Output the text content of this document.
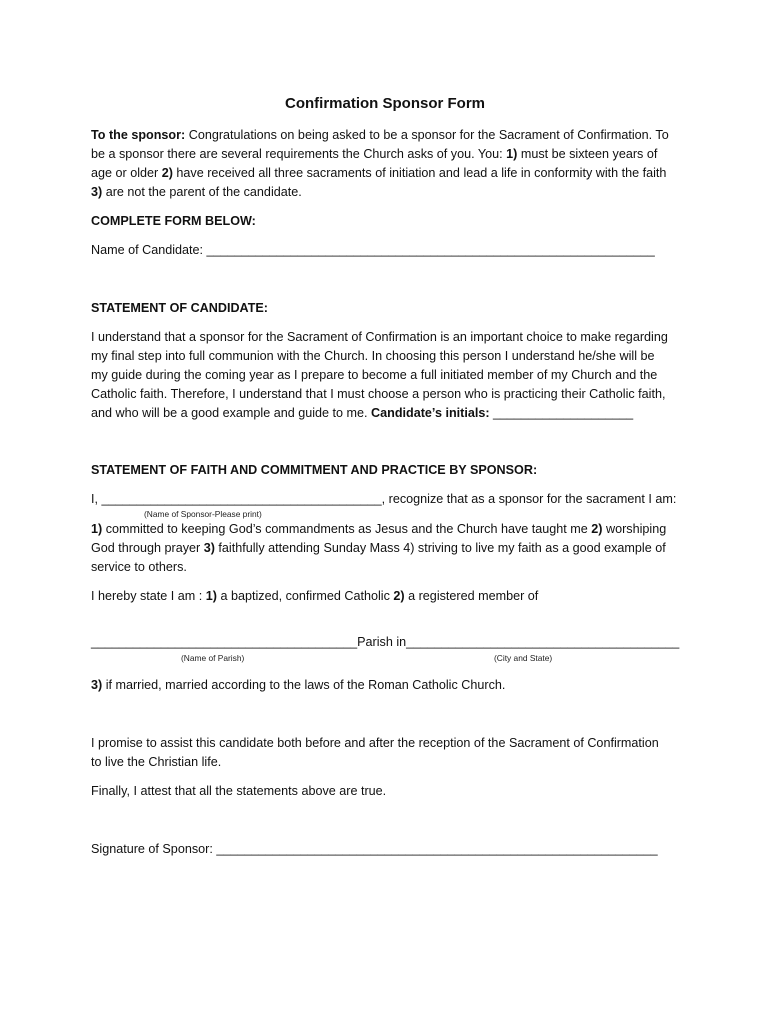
Confirmation Sponsor Form
To the sponsor: Congratulations on being asked to be a sponsor for the Sacrament of Confirmation. To
be a sponsor there are several requirements the Church asks of you. You: 1) must be sixteen years of
age or older 2) have received all three sacraments of initiation and lead a life in conformity with the faith
3) are not the parent of the candidate.
COMPLETE FORM BELOW:
Name of Candidate: ________________________________________________________________
STATEMENT OF CANDIDATE:
I understand that a sponsor for the Sacrament of Confirmation is an important choice to make regarding
my final step into full communion with the Church. In choosing this person I understand he/she will be
my guide during the coming year as I prepare to become a full initiated member of my Church and the
Catholic faith. Therefore, I understand that I must choose a person who is practicing their Catholic faith,
and who will be a good example and guide to me. Candidate’s initials: ____________________
STATEMENT OF FAITH AND COMMITMENT AND PRACTICE BY SPONSOR:
I, ________________________________________, recognize that as a sponsor for the sacrament I am:
(Name of Sponsor-Please print)
1) committed to keeping God’s commandments as Jesus and the Church have taught me 2) worshiping
God through prayer 3) faithfully attending Sunday Mass 4) striving to live my faith as a good example of
service to others.
I hereby state I am : 1) a baptized, confirmed Catholic 2) a registered member of
______________________________________Parish in_______________________________________
(Name of Parish)	(City and State)
3) if married, married according to the laws of the Roman Catholic Church.
I promise to assist this candidate both before and after the reception of the Sacrament of Confirmation
to live the Christian life.
Finally, I attest that all the statements above are true.
Signature of Sponsor: _______________________________________________________________
